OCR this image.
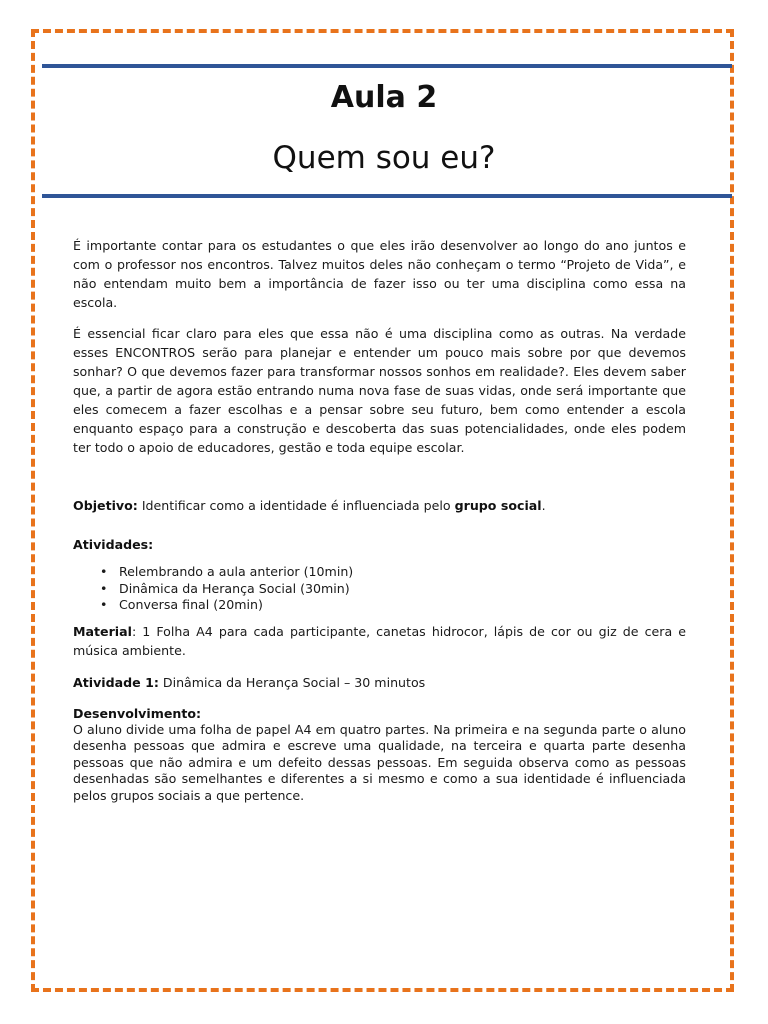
Aula 2
Quem sou eu?

É importante contar para os estudantes o que eles irão desenvolver ao longo do ano juntos e com o professor nos encontros. Talvez muitos deles não conheçam o termo “Projeto de Vida”, e não entendam muito bem a importância de fazer isso ou ter uma disciplina como essa na escola.

É essencial ficar claro para eles que essa não é uma disciplina como as outras. Na verdade esses ENCONTROS serão para planejar e entender um pouco mais sobre por que devemos sonhar? O que devemos fazer para transformar nossos sonhos em realidade?. Eles devem saber que, a partir de agora estão entrando numa nova fase de suas vidas, onde será importante que eles comecem a fazer escolhas e a pensar sobre seu futuro, bem como entender a escola enquanto espaço para a construção e descoberta das suas potencialidades, onde eles podem ter todo o apoio de educadores, gestão e toda equipe escolar.

Objetivo: Identificar como a identidade é influenciada pelo grupo social.

Atividades:

• Relembrando a aula anterior (10min)
• Dinâmica da Herança Social (30min)
• Conversa final (20min)

Material: 1 Folha A4 para cada participante, canetas hidrocor, lápis de cor ou giz de cera e música ambiente.

Atividade 1: Dinâmica da Herança Social – 30 minutos

Desenvolvimento:

O aluno divide uma folha de papel A4 em quatro partes. Na primeira e na segunda parte o aluno desenha pessoas que admira e escreve uma qualidade, na terceira e quarta parte desenha pessoas que não admira e um defeito dessas pessoas. Em seguida observa como as pessoas desenhadas são semelhantes e diferentes a si mesmo e como a sua identidade é influenciada pelos grupos sociais a que pertence.
